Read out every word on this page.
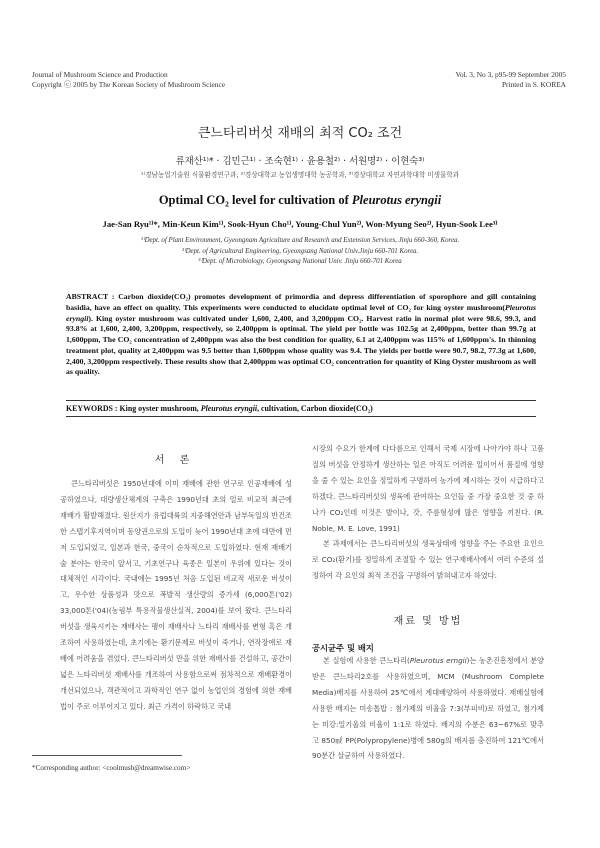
Journal of Mushroom Science and Production
Copyright ⓒ 2005 by The Korean Society of Mushroom Science
Vol. 3, No 3, p95-99 September 2005
Printed in S. KOREA
큰느타리버섯 재배의 최적 CO₂ 조건
류재산¹⁾* · 김민근¹⁾ · 조숙현¹⁾ · 윤용철²⁾ · 서원명²⁾ · 이현숙³⁾
¹⁾경남농업기술원 식물환경연구과, ²⁾경상대학교 농업생명대학 농공학과, ³⁾경상대학교 자연과학대학 미생물학과
Optimal CO₂ level for cultivation of Pleurotus eryngii
Jae-San Ryu¹⁾*, Min-Keun Kim¹⁾, Sook-Hyun Cho¹⁾, Young-Chul Yun²⁾, Won-Myung Seo²⁾, Hyun-Sook Lee³⁾
¹⁾Dept. of Plant Environment, Gyeongnam Agriculture and Research and Extension Services, Jinju 660-360, Korea.
²⁾Dept. of Agricultural Engineering, Gyeongsang National Univ.Jinju 660-701 Korea.
³⁾Dept. of Microbiology, Gyeongsang National Univ. Jinju 660-701 Korea
ABSTRACT : Carbon dioxide(CO₂) promotes development of primordia and depress differentiation of sporophore and gill containing basidia, have an effect on quality. This experiments were conducted to elucidate optimal level of CO₂ for king oyster mushroom(Pleurotus eryngii). King oyster mushroom was cultivated under 1,600, 2,400, and 3,200ppm CO₂. Harvest ratio in normal plot were 98.6, 99.3, and 93.8% at 1,600, 2,400, 3,200ppm, respectively, so 2,400ppm is optimal. The yield per bottle was 102.5g at 2,400ppm, better than 99.7g at 1,600ppm, The CO₂ concentration of 2,400ppm was also the best condition for quality, 6.1 at 2,400ppm was 115% of 1,600ppm's. In thinning treatment plot, quality at 2,400ppm was 9.5 better than 1,600ppm whose quality was 9.4. The yields per bottle were 90.7, 98.2, 77.3g at 1,600, 2,400, 3,200ppm respectively. These results show that 2,400ppm was optimal CO₂ concentration for quantity of King Oyster mushroom as well as quality.
KEYWORDS : King oyster mushroom, Pleurotus eryngii, cultivation, Carbon dioxide(CO₂)
서 론

큰느타리버섯은 1950년대에 이미 재배에 관한 연구로 인공재배에 성공하였으나, 대량생산체계의 구축은 1990년대 초의 일로 비교적 최근에 재배가 활발해졌다. 원산지가 유럽대륙의 지중해연안과 남부독일의 반건조한 스텝기후지역이며 동양권으로의 도입이 늦어 1990년대 초에 대만에 먼저 도입되었고, 일본과 한국, 중국이 순차적으로 도입하였다. 현재 재배기술 분야는 한국이 앞서고, 기초연구나 육종은 일본이 우위에 있다는 것이 대체적인 시각이다. 국내에는 1995년 처음 도입된 비교적 새로운 버섯이고, 우수한 상품성과 맛으로 폭발적 생산량의 증가세 (6,000톤('02) 33,000톤('04)(농림부 특용작물생산실적, 2004)를 보여 왔다. 큰느타리버섯을 생육시키는 재배사는 팽이 재배사나 느타리 재배사를 변형 혹은 개조하여 사용하였는데, 초기에는 환기문제로 버섯이 죽거나, 연작장애로 재배에 어려움을 겪었다. 큰느타리버섯 만을 위한 재배사를 건설하고, 공간이 넓은 느타리버섯 재배사를 개조하여 사용함으로써 점차적으로 재배환경이 개선되었으나, 객관적이고 과학적인 연구 없이 농업인의 경험에 의한 재배법이 주로 이루어지고 있다. 최근 가격이 하락하고 국내

*Corresponding author: <coolmush@dreamwise.com>

시장의 수요가 한계에 다다름으로 인해서 국제 시장에 나아가야 하나 고품질의 버섯을 안정하게 생산하는 일은 아직도 어려운 일이어서 품질에 영향을 줄 수 있는 요인을 정밀하게 구명하여 농가에 제시하는 것이 시급하다고 하겠다. 큰느타리버섯의 생육에 관여하는 요인들 중 가장 중요한 것 중 하나가 CO₂인데 이것은 발이나, 갓, 주름형성에 많은 영향을 끼친다. (R. Noble, M. E. Love, 1991)

본 과제에서는 큰느타리버섯의 생육상태에 영향을 주는 주요한 요인으로 CO₂(환기)를 정밀하게 조절할 수 있는 연구재배사에서 여러 수준의 설정하여 각 요인의 최적 조건을 구명하여 밝혀내고자 하였다.

재료 및 방법
공시균주 및 배지

본 실험에 사용한 큰느타리(Pleurotus erngii)는 농촌진흥청에서 분양받은 큰느타리2호를 사용하였으며, MCM (Mushroom Complete Media)배지를 사용하여 25℃에서 계대배양하여 사용하였다. 재배실험에 사용한 배지는 미송톱밥 : 첨가제의 비율을 7:3(부피비)로 하였고, 첨가제는 미강:밀기울의 비율이 1:1로 하였다. 배지의 수분은 63~67%로 맞추고 850㎖ PP(Polypropylene)병에 580g의 배지를 충진하여 121℃에서 90분간 살균하여 사용하였다.
